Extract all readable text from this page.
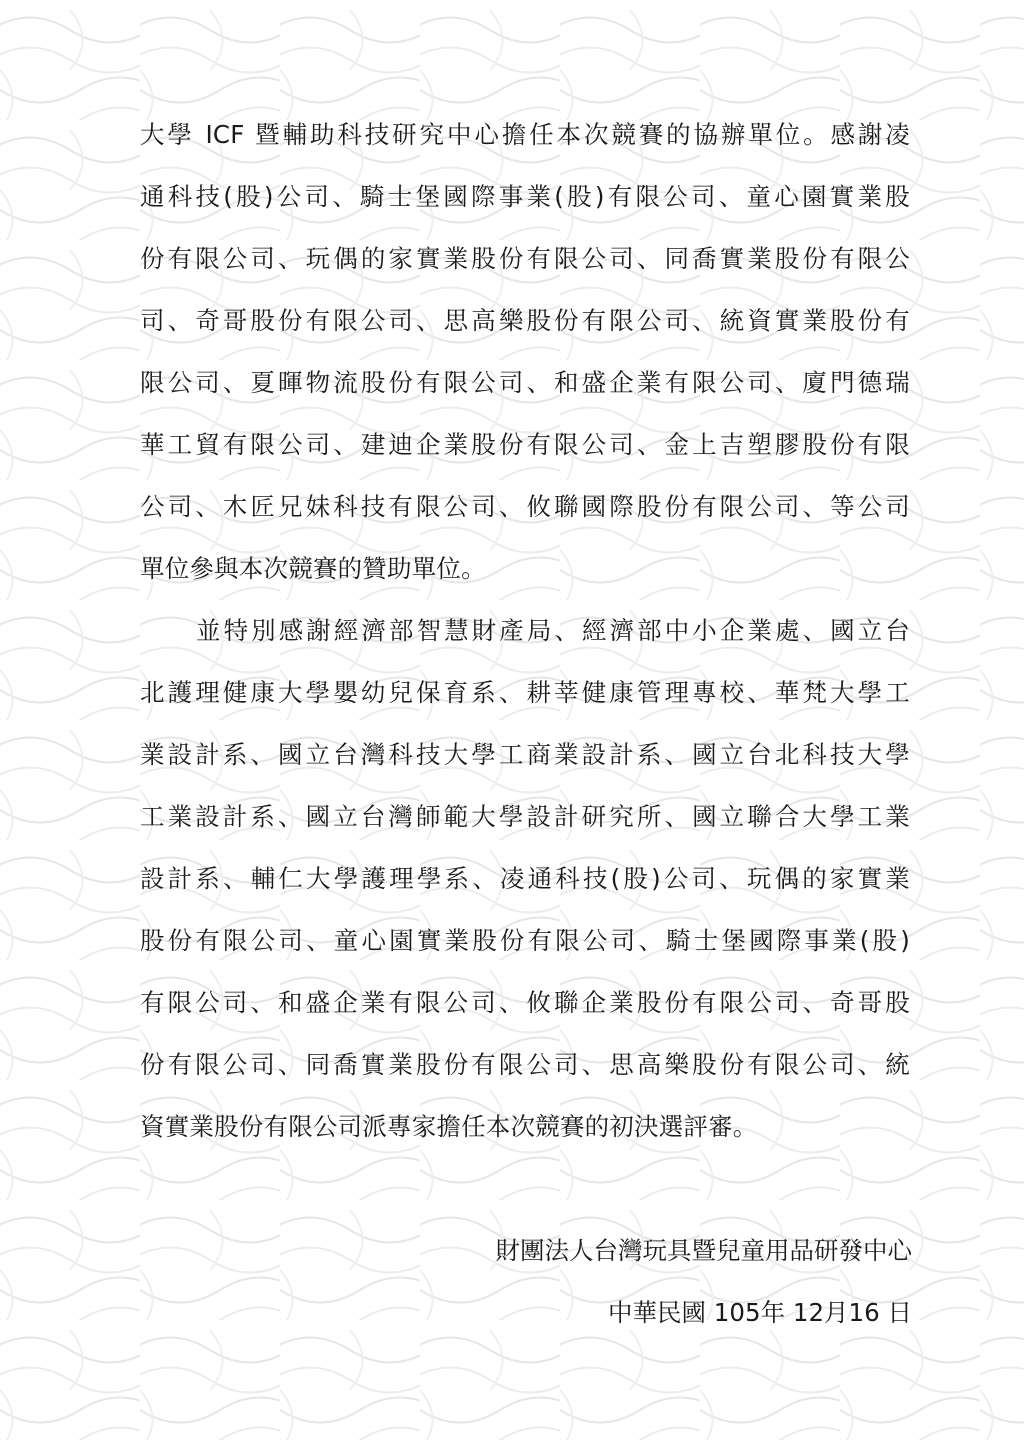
大學 ICF 暨輔助科技研究中心擔任本次競賽的協辦單位。感謝凌
通科技(股)公司、騎士堡國際事業(股)有限公司、童心園實業股
份有限公司、玩偶的家實業股份有限公司、同喬實業股份有限公
司、奇哥股份有限公司、思高樂股份有限公司、統資實業股份有
限公司、夏暉物流股份有限公司、和盛企業有限公司、廈門德瑞
華工貿有限公司、建迪企業股份有限公司、金上吉塑膠股份有限
公司、木匠兄妹科技有限公司、攸聯國際股份有限公司、等公司
單位參與本次競賽的贊助單位。
並特別感謝經濟部智慧財產局、經濟部中小企業處、國立台
北護理健康大學嬰幼兒保育系、耕莘健康管理專校、華梵大學工
業設計系、國立台灣科技大學工商業設計系、國立台北科技大學
工業設計系、國立台灣師範大學設計研究所、國立聯合大學工業
設計系、輔仁大學護理學系、凌通科技(股)公司、玩偶的家實業
股份有限公司、童心園實業股份有限公司、騎士堡國際事業(股)
有限公司、和盛企業有限公司、攸聯企業股份有限公司、奇哥股
份有限公司、同喬實業股份有限公司、思高樂股份有限公司、統
資實業股份有限公司派專家擔任本次競賽的初決選評審。
財團法人台灣玩具暨兒童用品研發中心
中華民國 105年 12月16 日
